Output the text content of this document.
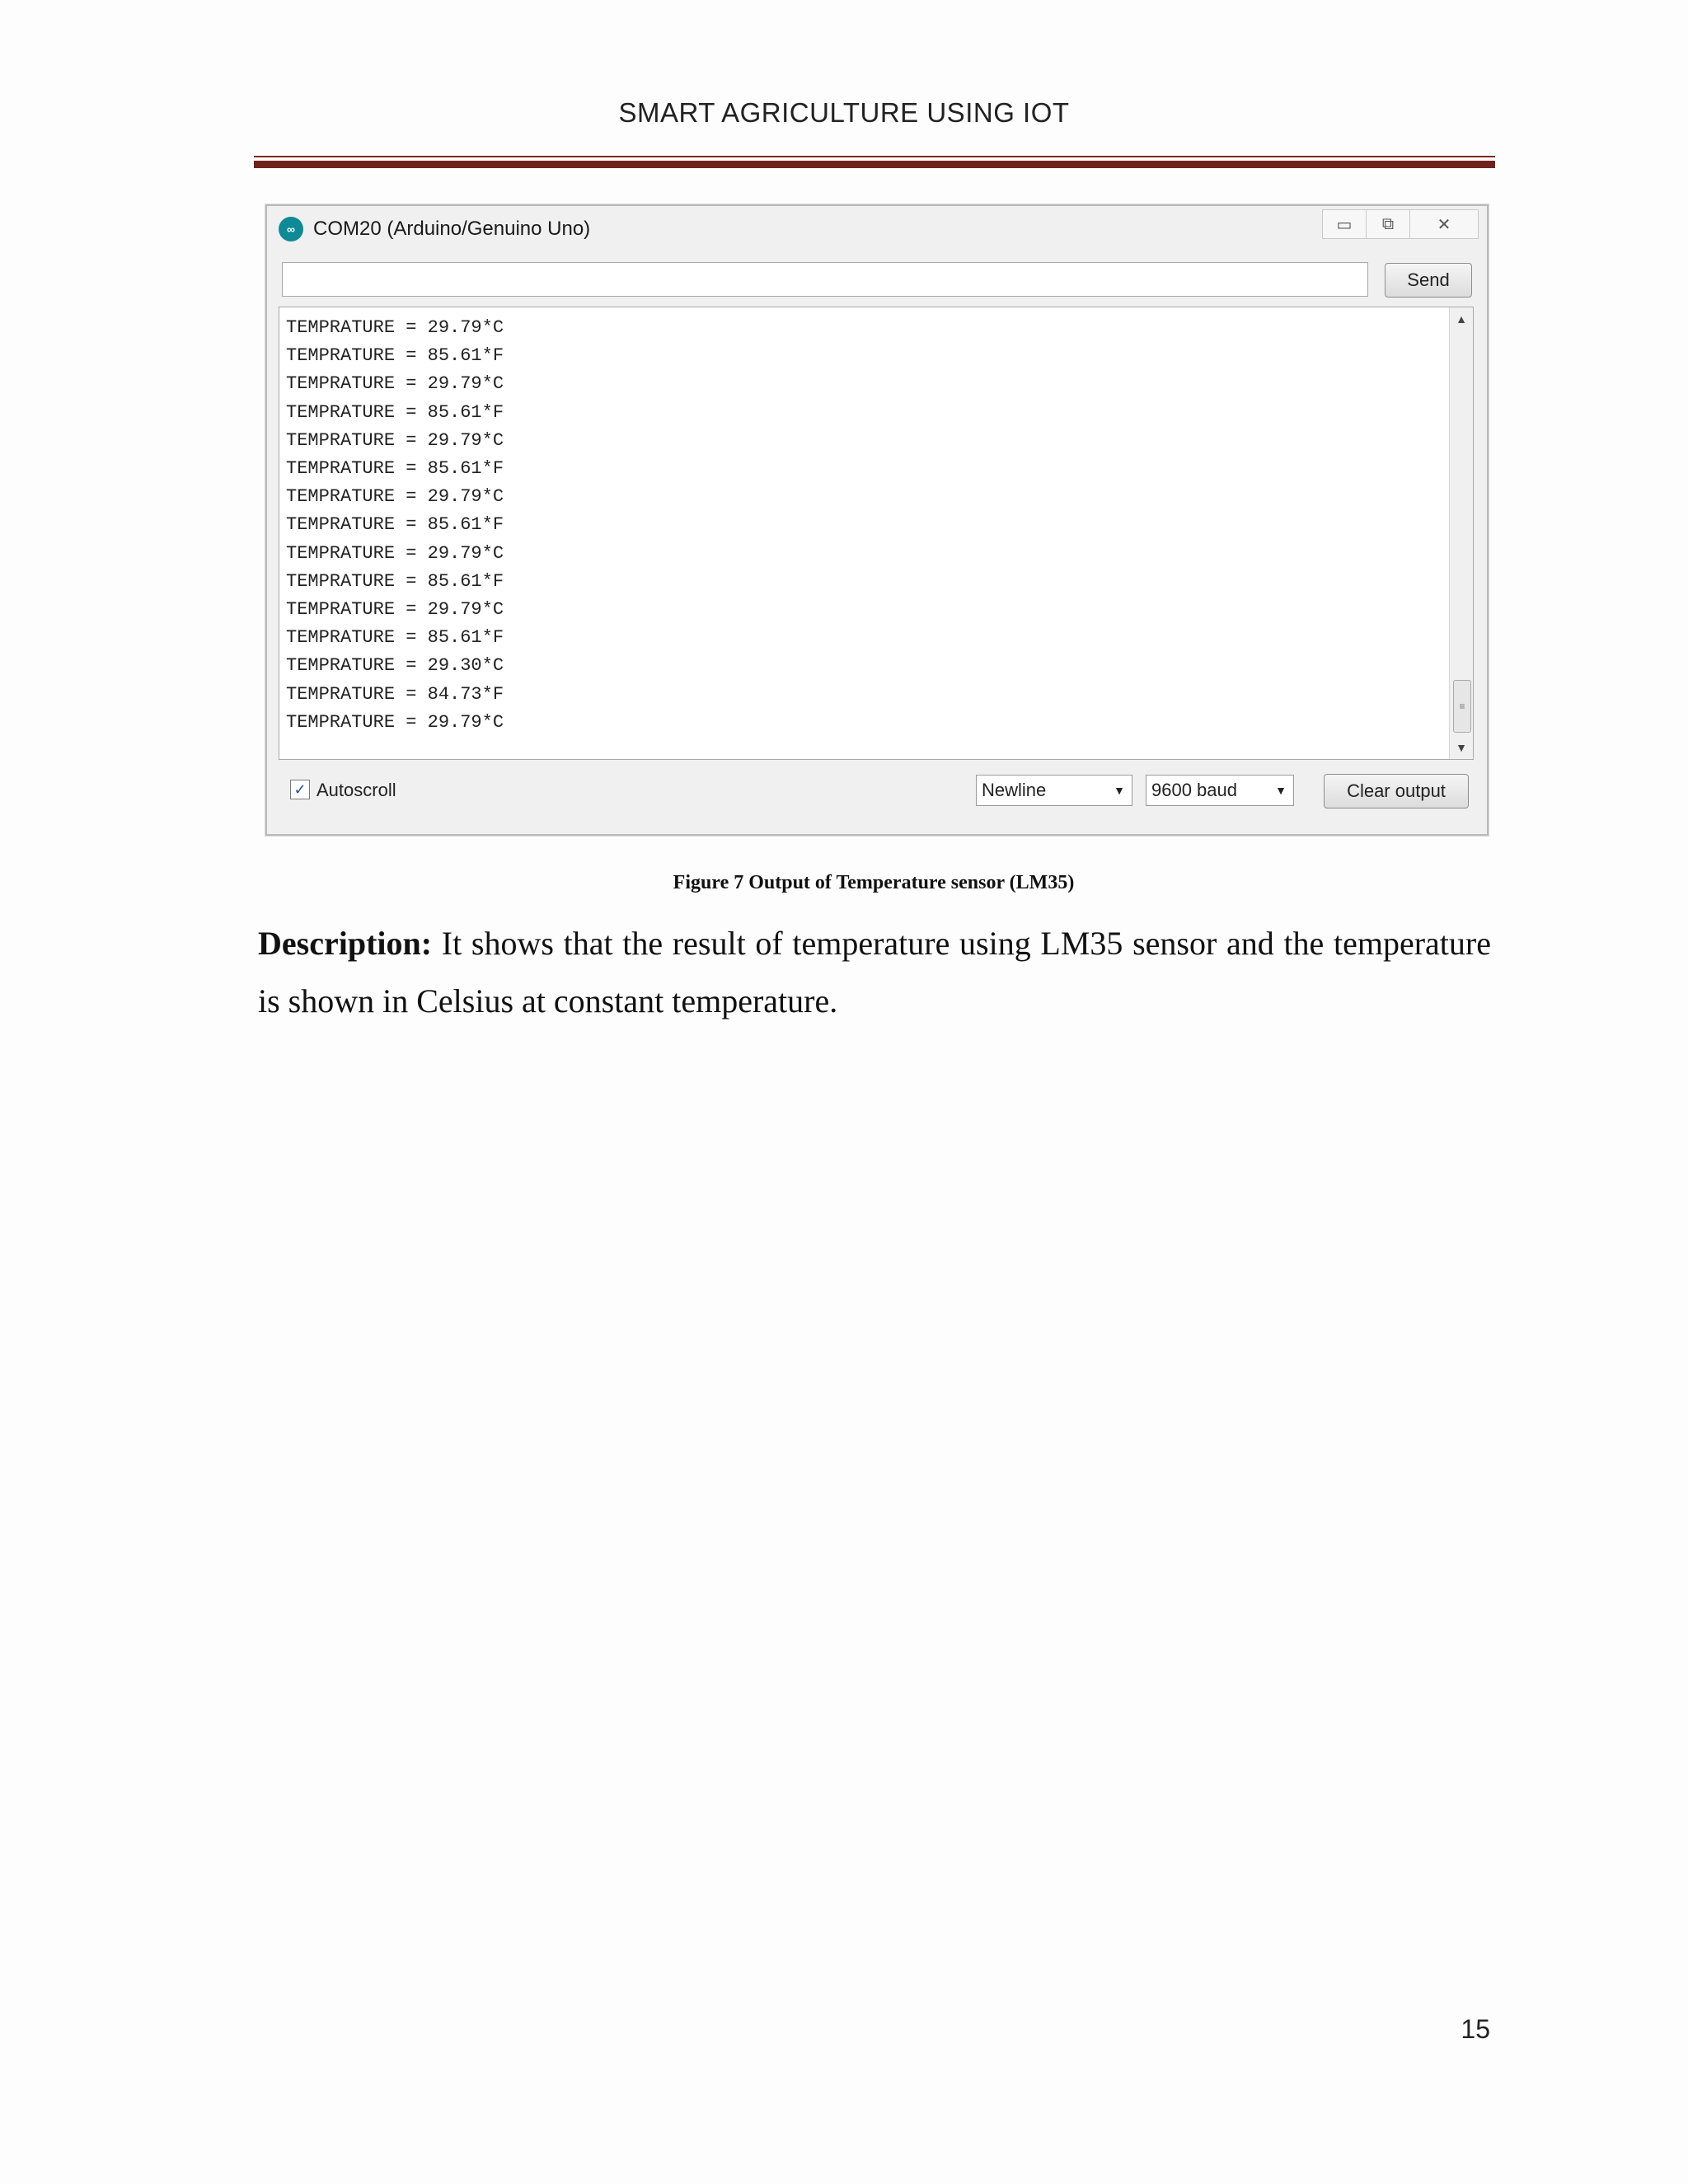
SMART AGRICULTURE USING IOT
∞ COM20 (Arduino/Genuino Uno)	▭	⧉	✕
Send
TEMPRATURE = 29.79*C
TEMPRATURE = 85.61*F
TEMPRATURE = 29.79*C
TEMPRATURE = 85.61*F
TEMPRATURE = 29.79*C
TEMPRATURE = 85.61*F
TEMPRATURE = 29.79*C
TEMPRATURE = 85.61*F
TEMPRATURE = 29.79*C
TEMPRATURE = 85.61*F
TEMPRATURE = 29.79*C
TEMPRATURE = 85.61*F
TEMPRATURE = 29.30*C
TEMPRATURE = 84.73*F
TEMPRATURE = 29.79*C
▲
≡
▼
✓ Autoscroll	Newline	▼ 9600 baud	▼	Clear output
Figure 7 Output of Temperature sensor (LM35)
Description: It shows that the result of temperature using LM35 sensor and the temperature is shown in Celsius at constant temperature.
15
